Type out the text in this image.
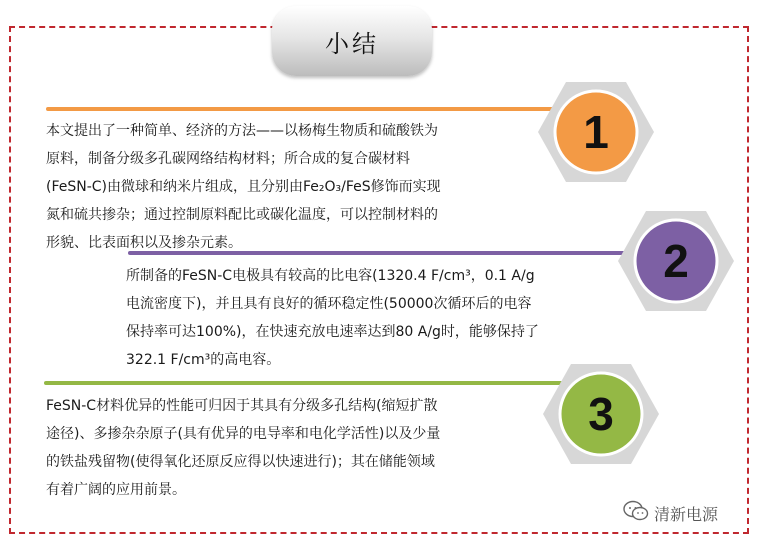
小结
1
本文提出了一种简单、经济的方法——以杨梅生物质和硫酸铁为
原料，制备分级多孔碳网络结构材料；所合成的复合碳材料
(FeSN-C)由微球和纳米片组成，且分别由Fe₂O₃/FeS修饰而实现
氮和硫共掺杂；通过控制原料配比或碳化温度，可以控制材料的
形貌、比表面积以及掺杂元素。	2
所制备的FeSN-C电极具有较高的比电容(1320.4 F/cm³，0.1 A/g
电流密度下)，并且具有良好的循环稳定性(50000次循环后的电容
保持率可达100%)，在快速充放电速率达到80 A/g时，能够保持了
322.1 F/cm³的高电容。
3
FeSN-C材料优异的性能可归因于其具有分级多孔结构(缩短扩散
途径)、多掺杂杂原子(具有优异的电导率和电化学活性)以及少量
的铁盐残留物(使得氧化还原反应得以快速进行)；其在储能领域
有着广阔的应用前景。
清新电源
